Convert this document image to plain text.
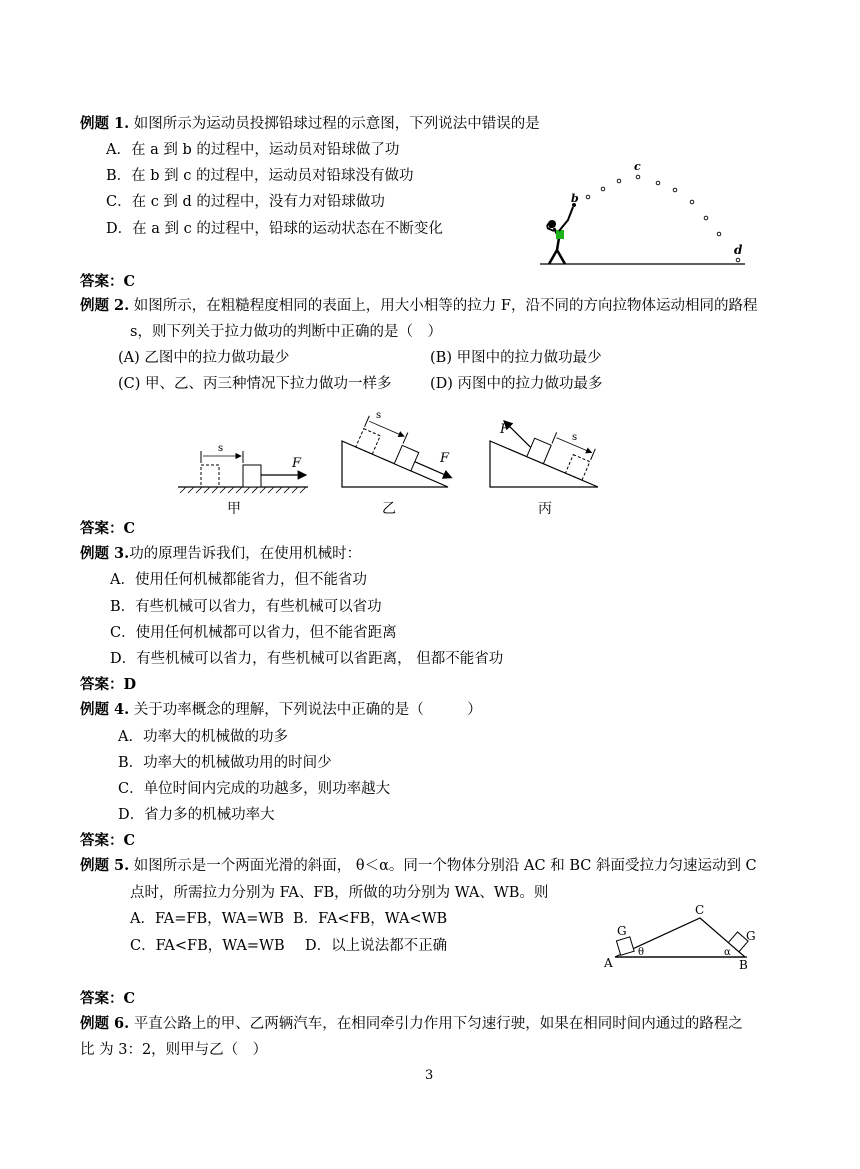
例题 1. 如图所示为运动员投掷铅球过程的示意图，下列说法中错误的是
A．在 a 到 b 的过程中，运动员对铅球做了功
B．在 b 到 c 的过程中，运动员对铅球没有做功
C．在 c 到 d 的过程中，没有力对铅球做功
D．在 a 到 c 的过程中，铅球的运动状态在不断变化	a
b
c
d
答案：C
例题 2. 如图所示，在粗糙程度相同的表面上，用大小相等的拉力 F，沿不同的方向拉物体运动相同的路程
s，则下列关于拉力做功的判断中正确的是（　）
(A) 乙图中的拉力做功最少	(B) 甲图中的拉力做功最少
(C) 甲、乙、丙三种情况下拉力做功一样多	(D) 丙图中的拉力做功最多
s
F
甲
s
F
乙
F
s
丙
答案：C
例题 3.功的原理告诉我们，在使用机械时：
A．使用任何机械都能省力，但不能省功
B．有些机械可以省力，有些机械可以省功
C．使用任何机械都可以省力，但不能省距离
D．有些机械可以省力，有些机械可以省距离， 但都不能省功
答案：D
例题 4. 关于功率概念的理解，下列说法中正确的是（　　　）
A．功率大的机械做的功多
B．功率大的机械做功用的时间少
C．单位时间内完成的功越多，则功率越大
D．省力多的机械功率大
答案：C
例题 5. 如图所示是一个两面光滑的斜面， θ＜α。同一个物体分别沿 AC 和 BC 斜面受拉力匀速运动到 C
点时，所需拉力分别为 FA、FB，所做的功分别为 WA、WB。则
A．FA=FB，WA=WB B．FA<FB，WA<WB
C．FA<FB，WA=WB D．以上说法都不正确
G	G
A	B
C
θ	α
答案：C
例题 6. 平直公路上的甲、乙两辆汽车，在相同牵引力作用下匀速行驶，如果在相同时间内通过的路程之
比 为 3：2，则甲与乙（　）
3
